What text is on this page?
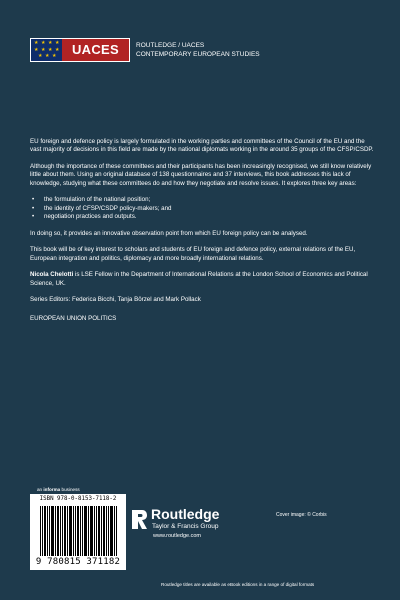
★ ★ ★ ★
★ ★ ★ ★
★ ★ ★	UACES	ROUTLEDGE / UACES
CONTEMPORARY EUROPEAN STUDIES

EU foreign and defence policy is largely formulated in the working parties and committees of the Council of the EU and the vast majority of decisions in this field are made by the national diplomats working in the around 35 groups of the CFSP/CSDP.

Although the importance of these committees and their participants has been increasingly recognised, we still know relatively little about them. Using an original database of 138 questionnaires and 37 interviews, this book addresses this lack of knowledge, studying what these committees do and how they negotiate and resolve issues. It explores three key areas:

• the formulation of the national position;
• the identity of CFSP/CSDP policy-makers; and
• negotiation practices and outputs.

In doing so, it provides an innovative observation point from which EU foreign policy can be analysed.

This book will be of key interest to scholars and students of EU foreign and defence policy, external relations of the EU, European integration and politics, diplomacy and more broadly international relations.

Nicola Chelotti is LSE Fellow in the Department of International Relations at the London School of Economics and Political Science, UK.

Series Editors: Federica Bicchi, Tanja Börzel and Mark Pollack

EUROPEAN UNION POLITICS

an informa business
ISBN 978-0-8153-7118-2
9 780815 371182
Routledge
Taylor & Francis Group
www.routledge.com
Cover image: © Corbis
Routledge titles are available as eBook editions in a range of digital formats
